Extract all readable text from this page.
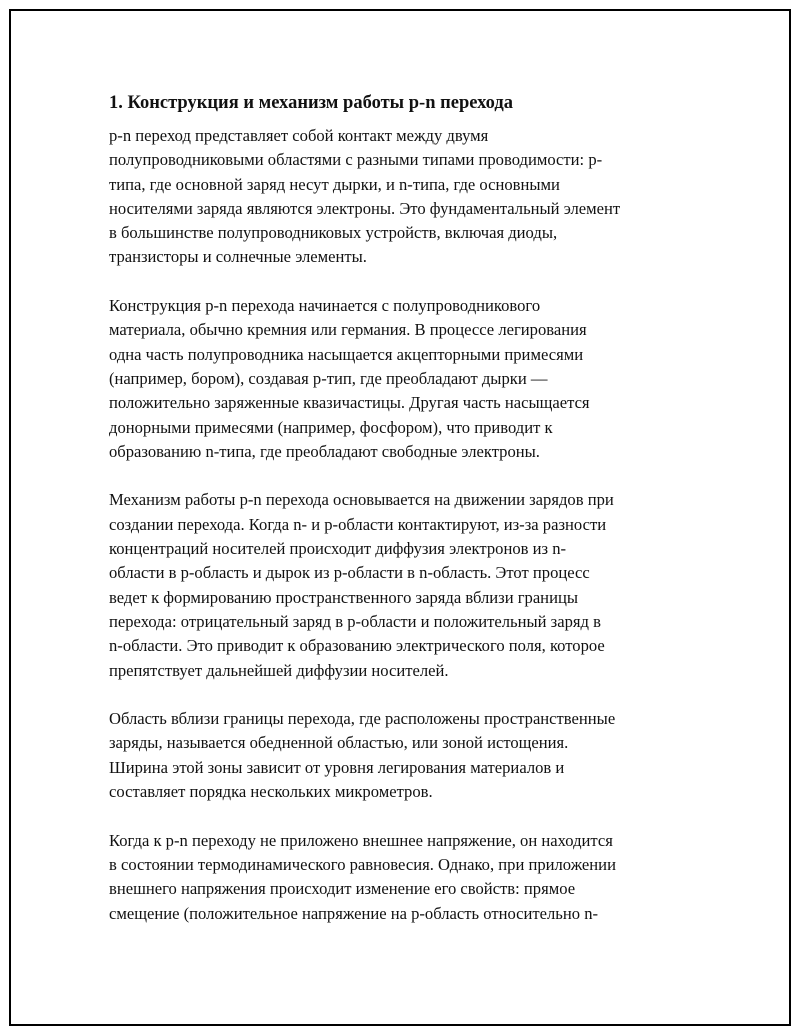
1. Конструкция и механизм работы p-n перехода

p-n переход представляет собой контакт между двумя
полупроводниковыми областями с разными типами проводимости: p-
типа, где основной заряд несут дырки, и n-типа, где основными
носителями заряда являются электроны. Это фундаментальный элемент
в большинстве полупроводниковых устройств, включая диоды,
транзисторы и солнечные элементы.

Конструкция p-n перехода начинается с полупроводникового
материала, обычно кремния или германия. В процессе легирования
одна часть полупроводника насыщается акцепторными примесями
(например, бором), создавая p-тип, где преобладают дырки —
положительно заряженные квазичастицы. Другая часть насыщается
донорными примесями (например, фосфором), что приводит к
образованию n-типа, где преобладают свободные электроны.

Механизм работы p-n перехода основывается на движении зарядов при
создании перехода. Когда n- и p-области контактируют, из-за разности
концентраций носителей происходит диффузия электронов из n-
области в p-область и дырок из p-области в n-область. Этот процесс
ведет к формированию пространственного заряда вблизи границы
перехода: отрицательный заряд в p-области и положительный заряд в
n-области. Это приводит к образованию электрического поля, которое
препятствует дальнейшей диффузии носителей.

Область вблизи границы перехода, где расположены пространственные
заряды, называется обедненной областью, или зоной истощения.
Ширина этой зоны зависит от уровня легирования материалов и
составляет порядка нескольких микрометров.

Когда к p-n переходу не приложено внешнее напряжение, он находится
в состоянии термодинамического равновесия. Однако, при приложении
внешнего напряжения происходит изменение его свойств: прямое
смещение (положительное напряжение на p-область относительно n-
